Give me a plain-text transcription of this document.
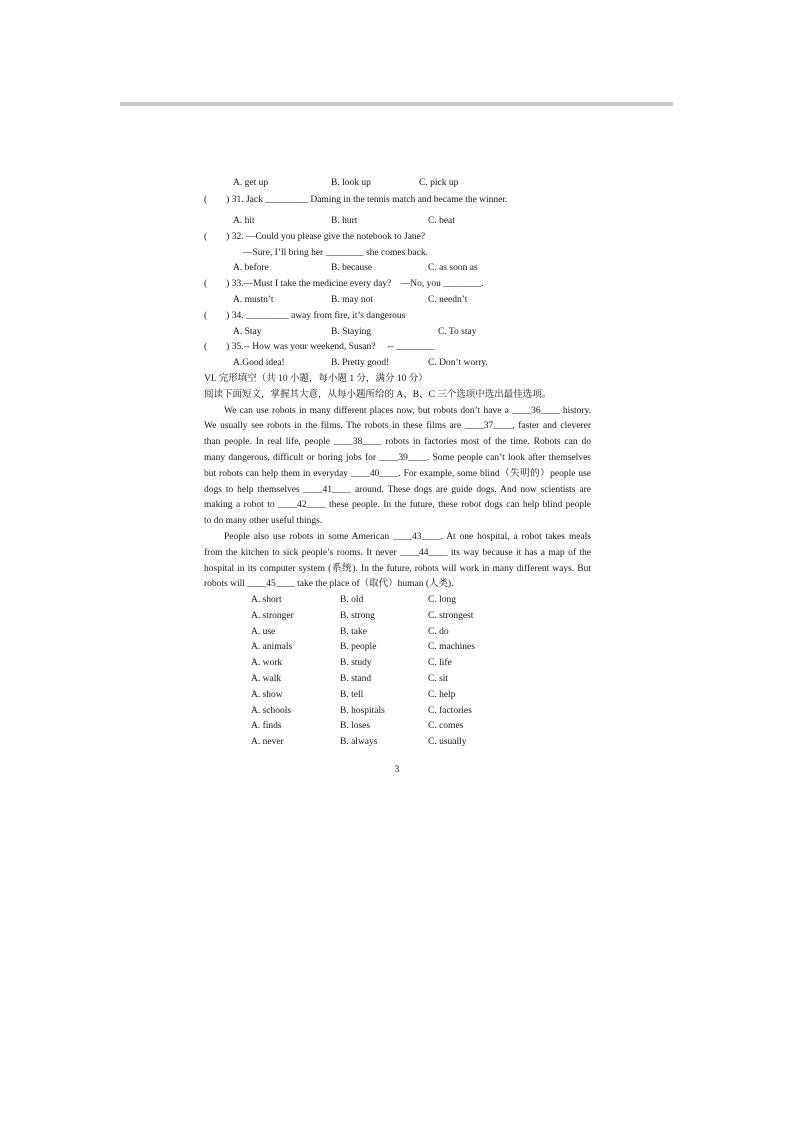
A. get up

	B. look up

	C. pick up

(        ) 31. Jack _________ Daming in the tennis match and became the winner.

A. hit

	B. hurt

	C. beat

(        ) 32. —Could you please give the notebook to Jane?
—Sure, I’ll bring her ________ she comes back.

A. before

	B. because

	C. as soon as

(        ) 33.—Must I take the medicine every day?    —No, you ________.

A. mustn’t

	B. may not

	C. needn’t

(        ) 34. _________ away from fire, it’s dangerous

A. Stay

	B. Staying

	C. To stay

(        ) 35.-- How was your weekend, Susan?     -- ________

A.Good idea!

	B. Pretty good!

	C. Don’t worry.

VI. 完形填空（共 10 小题，每小题 1 分，满分 10 分）
阅读下面短文，掌握其大意，从每小题所给的 A、B、C 三个选项中选出最佳选项。
We can use robots in many different places now, but robots don’t have a ____36____ history.
We usually see robots in the films. The robots in these films are ____37____, faster and cleverer
than people. In real life, people ____38____ robots in factories most of the time. Robots can do
many dangerous, difficult or boring jobs for ____39____. Some people can’t look after themselves
but robots can help them in everyday ____40____. For example, some blind（失明的）people use
dogs to help themselves ____41____ around. These dogs are guide dogs. And now scientists are
making a robot to ____42____ these people. In the future, these robot dogs can help blind people
to do many other useful things.
People also use robots in some American ____43____. At one hospital, a robot takes meals
from the kitchen to sick people’s rooms. It never ____44____ its way because it has a map of the
hospital in its computer system (系统). In the future, robots will work in many different ways. But
robots will ____45____ take the place of（取代）human (人类).

A. short

	B. old

	C. long

A. stronger

	B. strong

	C. strongest

A. use

	B. take

	C. do

A. animals

	B. people

	C. machines

A. work

	B. study

	C. life

A. walk

	B. stand

	C. sit

A. show

	B. tell

	C. help

A. schools

	B. hospitals

	C. factories

A. finds

	B. loses

	C. comes

A. never

	B. always

	C. usually

3
